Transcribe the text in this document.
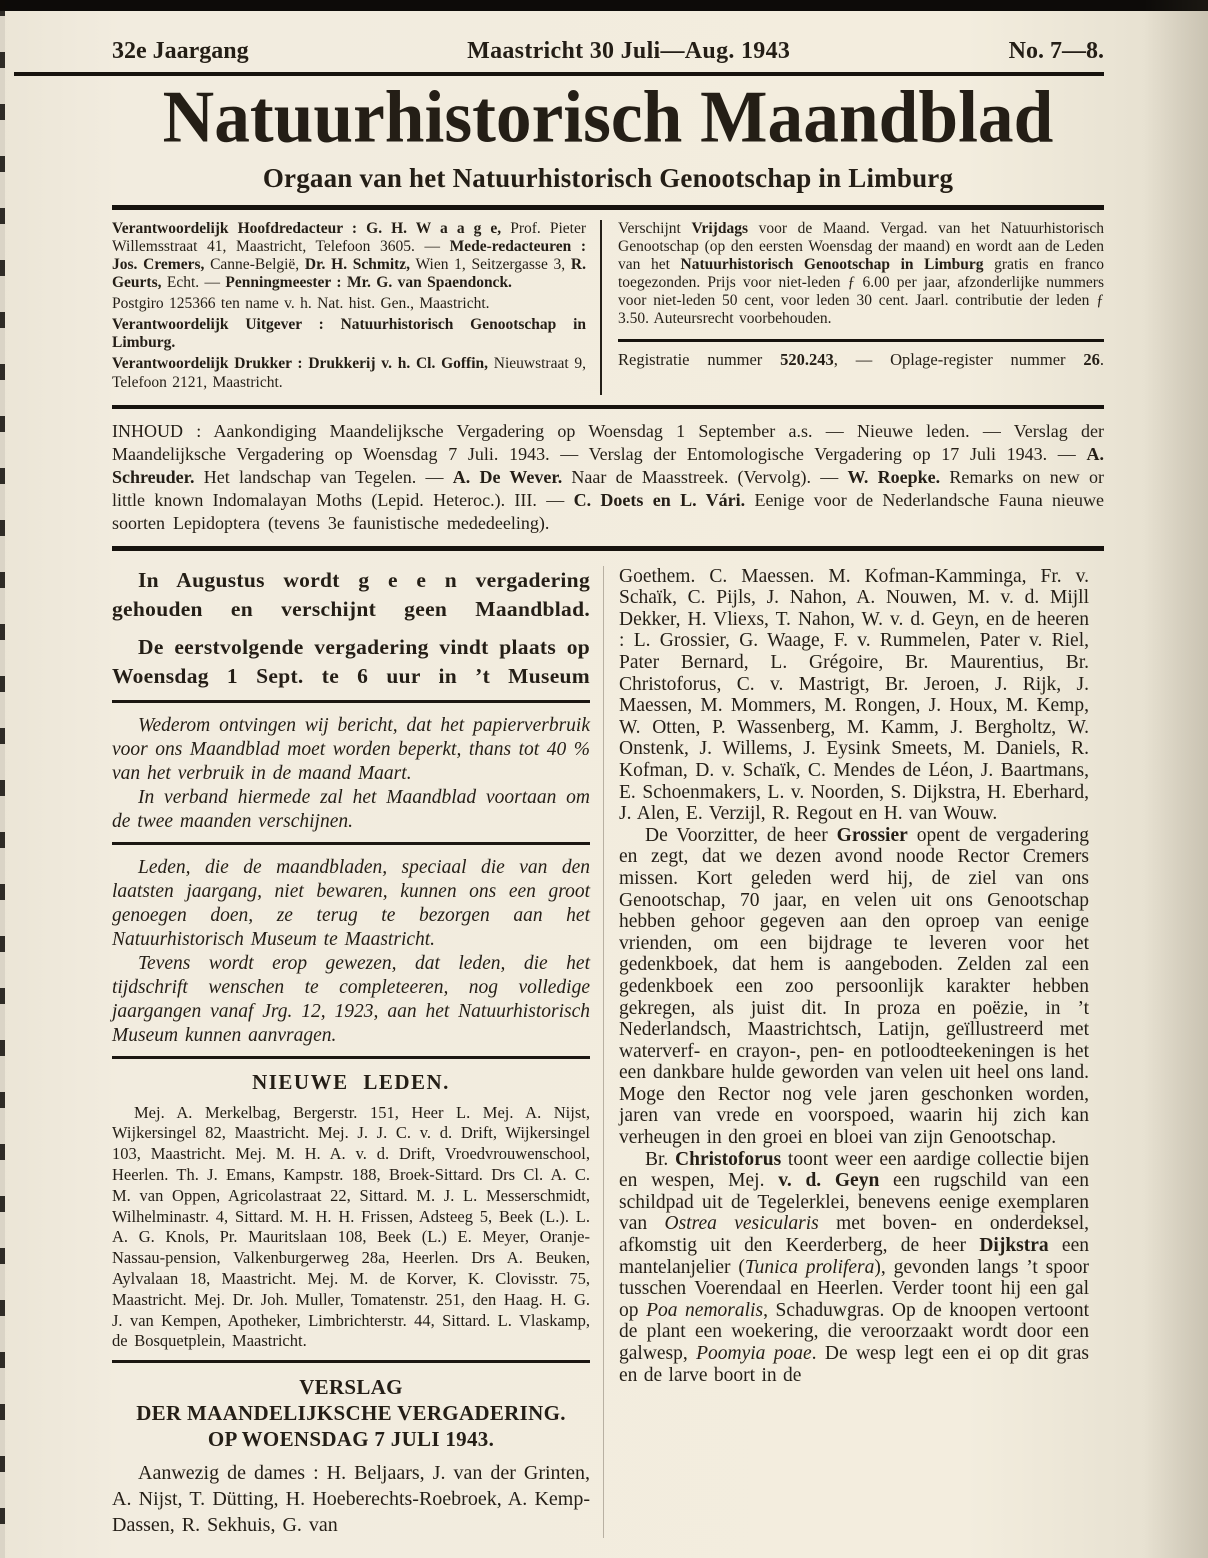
32e Jaargang	Maastricht 30 Juli—Aug. 1943	No. 7—8.
Natuurhistorisch Maandblad
Orgaan van het Natuurhistorisch Genootschap in Limburg

Verantwoordelijk Hoofdredacteur : G. H. W a a g e, Prof. Pieter Willemsstraat 41, Maastricht, Telefoon 3605. — Mede-redacteuren : Jos. Cremers, Canne-België, Dr. H. Schmitz, Wien 1, Seitzergasse 3, R. Geurts, Echt. — Penningmeester : Mr. G. van Spaendonck.

Postgiro 125366 ten name v. h. Nat. hist. Gen., Maastricht.

Verantwoordelijk Uitgever : Natuurhistorisch Genootschap in Limburg.

Verantwoordelijk Drukker : Drukkerij v. h. Cl. Goffin, Nieuwstraat 9, Telefoon 2121, Maastricht.

Verschijnt Vrijdags voor de Maand. Vergad. van het Natuurhistorisch Genootschap (op den eersten Woensdag der maand) en wordt aan de Leden van het Natuurhistorisch Genootschap in Limburg gratis en franco toegezonden. Prijs voor niet-leden ƒ 6.00 per jaar, afzonderlijke nummers voor niet-leden 50 cent, voor leden 30 cent. Jaarl. contributie der leden ƒ 3.50. Auteursrecht voorbehouden.

Registratie nummer 520.243, — Oplage-register nummer 26.

INHOUD : Aankondiging Maandelijksche Vergadering op Woensdag 1 September a.s. — Nieuwe leden. — Verslag der Maandelijksche Vergadering op Woensdag 7 Juli. 1943. — Verslag der Entomologische Vergadering op 17 Juli 1943. — A. Schreuder. Het landschap van Tegelen. — A. De Wever. Naar de Maasstreek. (Vervolg). — W. Roepke. Remarks on new or little known Indomalayan Moths (Lepid. Heteroc.). III. — C. Doets en L. Vári. Eenige voor de Nederlandsche Fauna nieuwe soorten Lepidoptera (tevens 3e faunistische mededeeling).

In Augustus wordt g e e n vergadering gehouden en verschijnt geen Maandblad.

De eerstvolgende vergadering vindt plaats op Woensdag 1 Sept. te 6 uur in ’t Museum

Wederom ontvingen wij bericht, dat het papierverbruik voor ons Maandblad moet worden beperkt, thans tot 40 % van het verbruik in de maand Maart.

In verband hiermede zal het Maandblad voortaan om de twee maanden verschijnen.

Leden, die de maandbladen, speciaal die van den laatsten jaargang, niet bewaren, kunnen ons een groot genoegen doen, ze terug te bezorgen aan het Natuurhistorisch Museum te Maastricht.

Tevens wordt erop gewezen, dat leden, die het tijdschrift wenschen te completeeren, nog volledige jaargangen vanaf Jrg. 12, 1923, aan het Natuurhistorisch Museum kunnen aanvragen.

NIEUWE LEDEN.

Mej. A. Merkelbag, Bergerstr. 151, Heer L. Mej. A. Nijst, Wijkersingel 82, Maastricht. Mej. J. J. C. v. d. Drift, Wijkersingel 103, Maastricht. Mej. M. H. A. v. d. Drift, Vroedvrouwenschool, Heerlen. Th. J. Emans, Kampstr. 188, Broek-Sittard. Drs Cl. A. C. M. van Oppen, Agricolastraat 22, Sittard. M. J. L. Messerschmidt, Wilhelminastr. 4, Sittard. M. H. H. Frissen, Adsteeg 5, Beek (L.). L. A. G. Knols, Pr. Mauritslaan 108, Beek (L.) E. Meyer, Oranje-Nassau-pension, Valkenburgerweg 28a, Heerlen. Drs A. Beuken, Aylvalaan 18, Maastricht. Mej. M. de Korver, K. Clovisstr. 75, Maastricht. Mej. Dr. Joh. Muller, Tomatenstr. 251, den Haag. H. G. J. van Kempen, Apotheker, Limbrichterstr. 44, Sittard. L. Vlaskamp, de Bosquetplein, Maastricht.

VERSLAG
DER MAANDELIJKSCHE VERGADERING.
OP WOENSDAG 7 JULI 1943.

Aanwezig de dames : H. Beljaars, J. van der Grinten, A. Nijst, T. Dütting, H. Hoeberechts-Roebroek, A. Kemp-Dassen, R. Sekhuis, G. van

Goethem. C. Maessen. M. Kofman-Kamminga, Fr. v. Schaïk, C. Pijls, J. Nahon, A. Nouwen, M. v. d. Mijll Dekker, H. Vliexs, T. Nahon, W. v. d. Geyn, en de heeren : L. Grossier, G. Waage, F. v. Rummelen, Pater v. Riel, Pater Bernard, L. Grégoire, Br. Maurentius, Br. Christoforus, C. v. Mastrigt, Br. Jeroen, J. Rijk, J. Maessen, M. Mommers, M. Rongen, J. Houx, M. Kemp, W. Otten, P. Wassenberg, M. Kamm, J. Bergholtz, W. Onstenk, J. Willems, J. Eysink Smeets, M. Daniels, R. Kofman, D. v. Schaïk, C. Mendes de Léon, J. Baartmans, E. Schoenmakers, L. v. Noorden, S. Dijkstra, H. Eberhard, J. Alen, E. Verzijl, R. Regout en H. van Wouw.

De Voorzitter, de heer Grossier opent de vergadering en zegt, dat we dezen avond noode Rector Cremers missen. Kort geleden werd hij, de ziel van ons Genootschap, 70 jaar, en velen uit ons Genootschap hebben gehoor gegeven aan den oproep van eenige vrienden, om een bijdrage te leveren voor het gedenkboek, dat hem is aangeboden. Zelden zal een gedenkboek een zoo persoonlijk karakter hebben gekregen, als juist dit. In proza en poëzie, in ’t Nederlandsch, Maastrichtsch, Latijn, geïllustreerd met waterverf- en crayon-, pen- en potloodteekeningen is het een dankbare hulde geworden van velen uit heel ons land. Moge den Rector nog vele jaren geschonken worden, jaren van vrede en voorspoed, waarin hij zich kan verheugen in den groei en bloei van zijn Genootschap.

Br. Christoforus toont weer een aardige collectie bijen en wespen, Mej. v. d. Geyn een rugschild van een schildpad uit de Tegelerklei, benevens eenige exemplaren van Ostrea vesicularis met boven- en onderdeksel, afkomstig uit den Keerderberg, de heer Dijkstra een mantelanjelier (Tunica prolifera), gevonden langs ’t spoor tusschen Voerendaal en Heerlen. Verder toont hij een gal op Poa nemoralis, Schaduwgras. Op de knoopen vertoont de plant een woekering, die veroorzaakt wordt door een galwesp, Poomyia poae. De wesp legt een ei op dit gras en de larve boort in de
